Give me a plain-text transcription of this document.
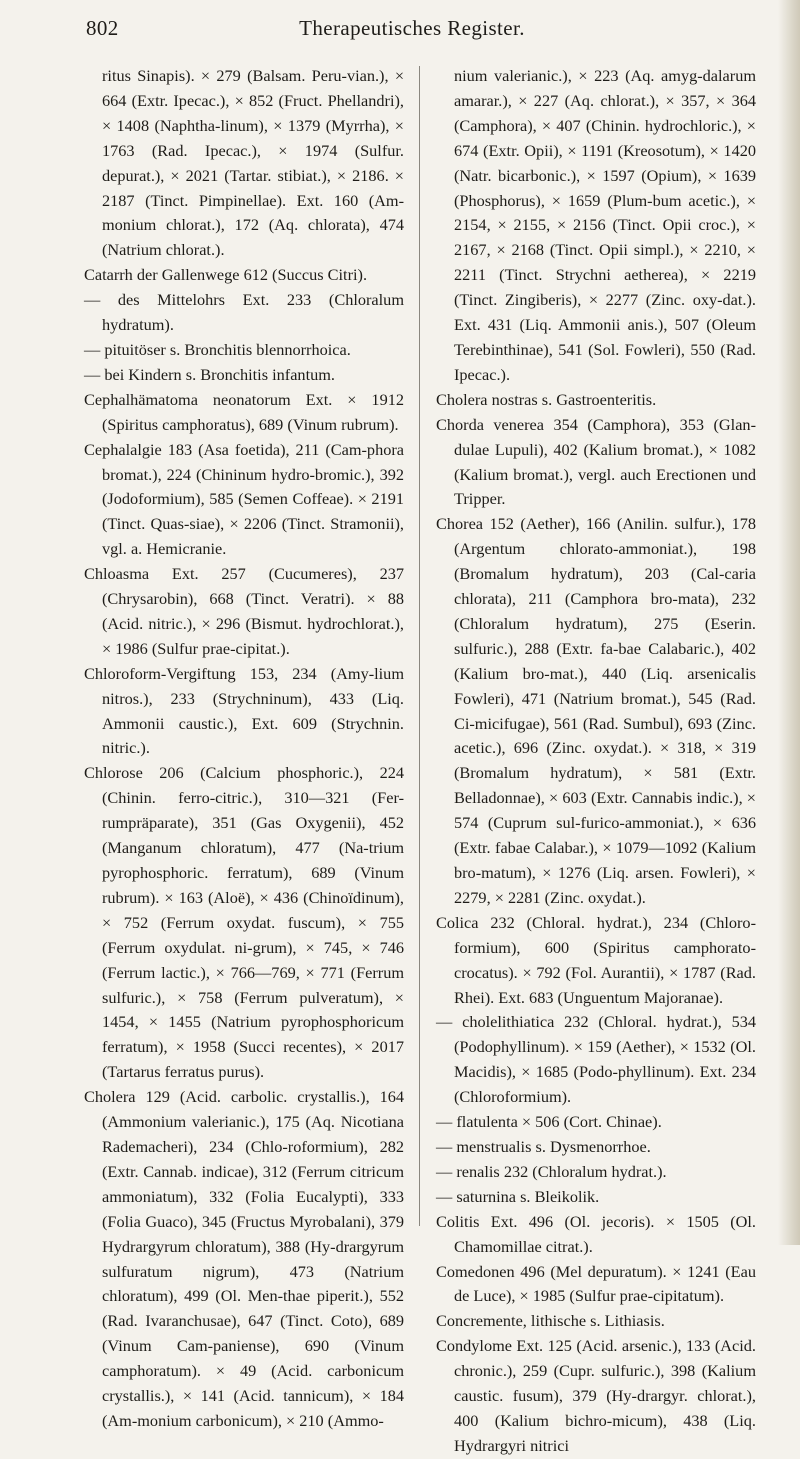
802	Therapeutisches Register.

ritus Sinapis). × 279 (Balsam. Peru-vian.), × 664 (Extr. Ipecac.), × 852 (Fruct. Phellandri), × 1408 (Naphtha-linum), × 1379 (Myrrha), × 1763 (Rad. Ipecac.), × 1974 (Sulfur. depurat.), × 2021 (Tartar. stibiat.), × 2186. × 2187 (Tinct. Pimpinellae). Ext. 160 (Am-monium chlorat.), 172 (Aq. chlorata), 474 (Natrium chlorat.).

Catarrh der Gallenwege 612 (Succus Citri).

— des Mittelohrs Ext. 233 (Chloralum hydratum).

— pituitöser s. Bronchitis blennorrhoica.

— bei Kindern s. Bronchitis infantum.

Cephalhämatoma neonatorum Ext. × 1912 (Spiritus camphoratus), 689 (Vinum rubrum).

Cephalalgie 183 (Asa foetida), 211 (Cam-phora bromat.), 224 (Chininum hydro-bromic.), 392 (Jodoformium), 585 (Semen Coffeae). × 2191 (Tinct. Quas-siae), × 2206 (Tinct. Stramonii), vgl. a. Hemicranie.

Chloasma Ext. 257 (Cucumeres), 237 (Chrysarobin), 668 (Tinct. Veratri). × 88 (Acid. nitric.), × 296 (Bismut. hydrochlorat.), × 1986 (Sulfur prae-cipitat.).

Chloroform-Vergiftung 153, 234 (Amy-lium nitros.), 233 (Strychninum), 433 (Liq. Ammonii caustic.), Ext. 609 (Strychnin. nitric.).

Chlorose 206 (Calcium phosphoric.), 224 (Chinin. ferro-citric.), 310—321 (Fer-rumpräparate), 351 (Gas Oxygenii), 452 (Manganum chloratum), 477 (Na-trium pyrophosphoric. ferratum), 689 (Vinum rubrum). × 163 (Aloë), × 436 (Chinoïdinum), × 752 (Ferrum oxydat. fuscum), × 755 (Ferrum oxydulat. ni-grum), × 745, × 746 (Ferrum lactic.), × 766—769, × 771 (Ferrum sulfuric.), × 758 (Ferrum pulveratum), × 1454, × 1455 (Natrium pyrophosphoricum ferratum), × 1958 (Succi recentes), × 2017 (Tartarus ferratus purus).

Cholera 129 (Acid. carbolic. crystallis.), 164 (Ammonium valerianic.), 175 (Aq. Nicotiana Rademacheri), 234 (Chlo-roformium), 282 (Extr. Cannab. indicae), 312 (Ferrum citricum ammoniatum), 332 (Folia Eucalypti), 333 (Folia Guaco), 345 (Fructus Myrobalani), 379 Hydrargyrum chloratum), 388 (Hy-drargyrum sulfuratum nigrum), 473 (Natrium chloratum), 499 (Ol. Men-thae piperit.), 552 (Rad. Ivaranchusae), 647 (Tinct. Coto), 689 (Vinum Cam-paniense), 690 (Vinum camphoratum). × 49 (Acid. carbonicum crystallis.), × 141 (Acid. tannicum), × 184 (Am-monium carbonicum), × 210 (Ammo-

nium valerianic.), × 223 (Aq. amyg-dalarum amarar.), × 227 (Aq. chlorat.), × 357, × 364 (Camphora), × 407 (Chinin. hydrochloric.), × 674 (Extr. Opii), × 1191 (Kreosotum), × 1420 (Natr. bicarbonic.), × 1597 (Opium), × 1639 (Phosphorus), × 1659 (Plum-bum acetic.), × 2154, × 2155, × 2156 (Tinct. Opii croc.), × 2167, × 2168 (Tinct. Opii simpl.), × 2210, × 2211 (Tinct. Strychni aetherea), × 2219 (Tinct. Zingiberis), × 2277 (Zinc. oxy-dat.). Ext. 431 (Liq. Ammonii anis.), 507 (Oleum Terebinthinae), 541 (Sol. Fowleri), 550 (Rad. Ipecac.).

Cholera nostras s. Gastroenteritis.

Chorda venerea 354 (Camphora), 353 (Glan-dulae Lupuli), 402 (Kalium bromat.), × 1082 (Kalium bromat.), vergl. auch Erectionen und Tripper.

Chorea 152 (Aether), 166 (Anilin. sulfur.), 178 (Argentum chlorato-ammoniat.), 198 (Bromalum hydratum), 203 (Cal-caria chlorata), 211 (Camphora bro-mata), 232 (Chloralum hydratum), 275 (Eserin. sulfuric.), 288 (Extr. fa-bae Calabaric.), 402 (Kalium bro-mat.), 440 (Liq. arsenicalis Fowleri), 471 (Natrium bromat.), 545 (Rad. Ci-micifugae), 561 (Rad. Sumbul), 693 (Zinc. acetic.), 696 (Zinc. oxydat.). × 318, × 319 (Bromalum hydratum), × 581 (Extr. Belladonnae), × 603 (Extr. Cannabis indic.), × 574 (Cuprum sul-furico-ammoniat.), × 636 (Extr. fabae Calabar.), × 1079—1092 (Kalium bro-matum), × 1276 (Liq. arsen. Fowleri), × 2279, × 2281 (Zinc. oxydat.).

Colica 232 (Chloral. hydrat.), 234 (Chloro-formium), 600 (Spiritus camphorato-crocatus). × 792 (Fol. Aurantii), × 1787 (Rad. Rhei). Ext. 683 (Unguentum Majoranae).

— cholelithiatica 232 (Chloral. hydrat.), 534 (Podophyllinum). × 159 (Aether), × 1532 (Ol. Macidis), × 1685 (Podo-phyllinum). Ext. 234 (Chloroformium).

— flatulenta × 506 (Cort. Chinae).

— menstrualis s. Dysmenorrhoe.

— renalis 232 (Chloralum hydrat.).

— saturnina s. Bleikolik.

Colitis Ext. 496 (Ol. jecoris). × 1505 (Ol. Chamomillae citrat.).

Comedonen 496 (Mel depuratum). × 1241 (Eau de Luce), × 1985 (Sulfur prae-cipitatum).

Concremente, lithische s. Lithiasis.

Condylome Ext. 125 (Acid. arsenic.), 133 (Acid. chronic.), 259 (Cupr. sulfuric.), 398 (Kalium caustic. fusum), 379 (Hy-drargyr. chlorat.), 400 (Kalium bichro-micum), 438 (Liq. Hydrargyri nitrici
